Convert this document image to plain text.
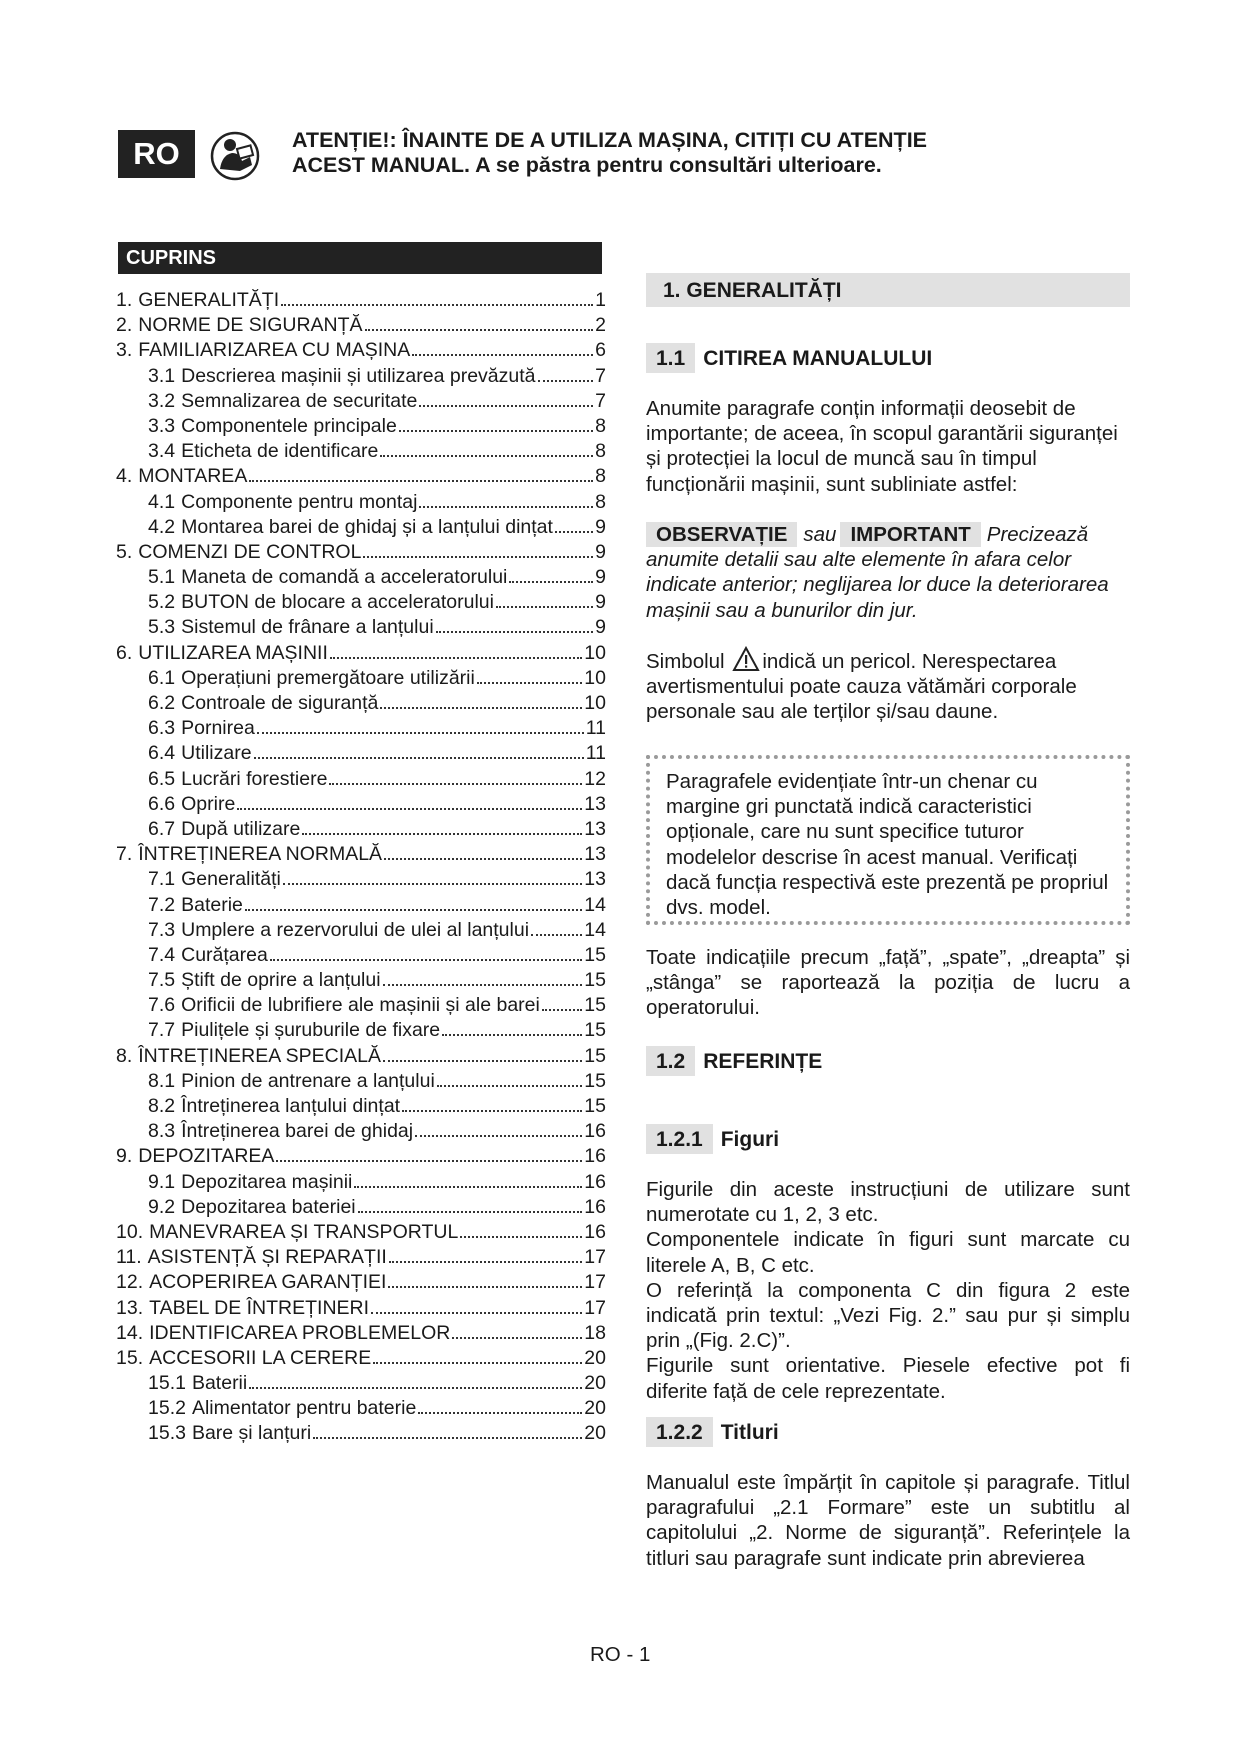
RO	ATENȚIE!: ÎNAINTE DE A UTILIZA MAȘINA, CITIȚI CU ATENȚIE
ACEST MANUAL. A se păstra pentru consultări ulterioare.
CUPRINS
1. GENERALITĂȚI	1
2. NORME DE SIGURANȚĂ	2
3. FAMILIARIZAREA CU MAȘINA	6
3.1 Descrierea mașinii și utilizarea prevăzută	7
3.2 Semnalizarea de securitate	7
3.3 Componentele principale	8
3.4 Eticheta de identificare	8
4. MONTAREA	8
4.1 Componente pentru montaj	8
4.2 Montarea barei de ghidaj și a lanțului dințat 9
5. COMENZI DE CONTROL	9
5.1 Maneta de comandă a acceleratorului	9
5.2 BUTON de blocare a acceleratorului	9
5.3 Sistemul de frânare a lanțului	9
6. UTILIZAREA MAȘINII	10
6.1 Operațiuni premergătoare utilizării	10
6.2 Controale de siguranță	10
6.3 Pornirea	11
6.4 Utilizare	11
6.5 Lucrări forestiere	12
6.6 Oprire	13
6.7 După utilizare	13
7. ÎNTREȚINEREA NORMALĂ	13
7.1 Generalități	13
7.2 Baterie	14
7.3 Umplere a rezervorului de ulei al lanțului	14
7.4 Curățarea	15
7.5 Știft de oprire a lanțului	15
7.6 Orificii de lubrifiere ale mașinii și ale barei 15
7.7 Piulițele și șuruburile de fixare	15
8. ÎNTREȚINEREA SPECIALĂ	15
8.1 Pinion de antrenare a lanțului	15
8.2 Întreținerea lanțului dințat	15
8.3 Întreținerea barei de ghidaj	16
9. DEPOZITAREA	16
9.1 Depozitarea mașinii	16
9.2 Depozitarea bateriei	16
10. MANEVRAREA ȘI TRANSPORTUL	16
11. ASISTENȚĂ ȘI REPARAȚII	17
12. ACOPERIREA GARANȚIEI	17
13. TABEL DE ÎNTREȚINERI	17
14. IDENTIFICAREA PROBLEMELOR	18
15. ACCESORII LA CERERE	20
15.1 Baterii	20
15.2 Alimentator pentru baterie	20
15.3 Bare și lanțuri	20
1. GENERALITĂȚI
1.1 CITIREA MANUALULUI

Anumite paragrafe conțin informații deosebit de importante; de aceea, în scopul garantării siguranței și protecției la locul de muncă sau în timpul funcționării mașinii, sunt subliniate astfel:

OBSERVAȚIE sau IMPORTANT Precizează anumite detalii sau alte elemente în afara celor indicate anterior; neglijarea lor duce la deteriorarea mașinii sau a bunurilor din jur.

Simbolul indică un pericol. Nerespectarea avertismentului poate cauza vătămări corporale personale sau ale terților și/sau daune.

Paragrafele evidențiate într-un chenar cu margine gri punctată indică caracteristici opționale, care nu sunt specifice tuturor modelelor descrise în acest manual. Verificați dacă funcția respectivă este prezentă pe propriul dvs. model.

Toate indicațiile precum „față”, „spate”, „dreapta” și „stânga” se raportează la poziția de lucru a operatorului.

1.2 REFERINȚE
1.2.1 Figuri
Figurile din aceste instrucțiuni de utilizare sunt numerotate cu 1, 2, 3 etc.
Componentele indicate în figuri sunt marcate cu literele A, B, C etc.
O referință la componenta C din figura 2 este indicată prin textul: „Vezi Fig. 2.” sau pur și simplu prin „(Fig. 2.C)”.
Figurile sunt orientative. Piesele efective pot fi diferite față de cele reprezentate.
1.2.2 Titluri

Manualul este împărțit în capitole și paragrafe. Titlul paragrafului „2.1 Formare” este un subtitlu al capitolului „2. Norme de siguranță”. Referințele la titluri sau paragrafe sunt indicate prin abrevierea

RO - 1
